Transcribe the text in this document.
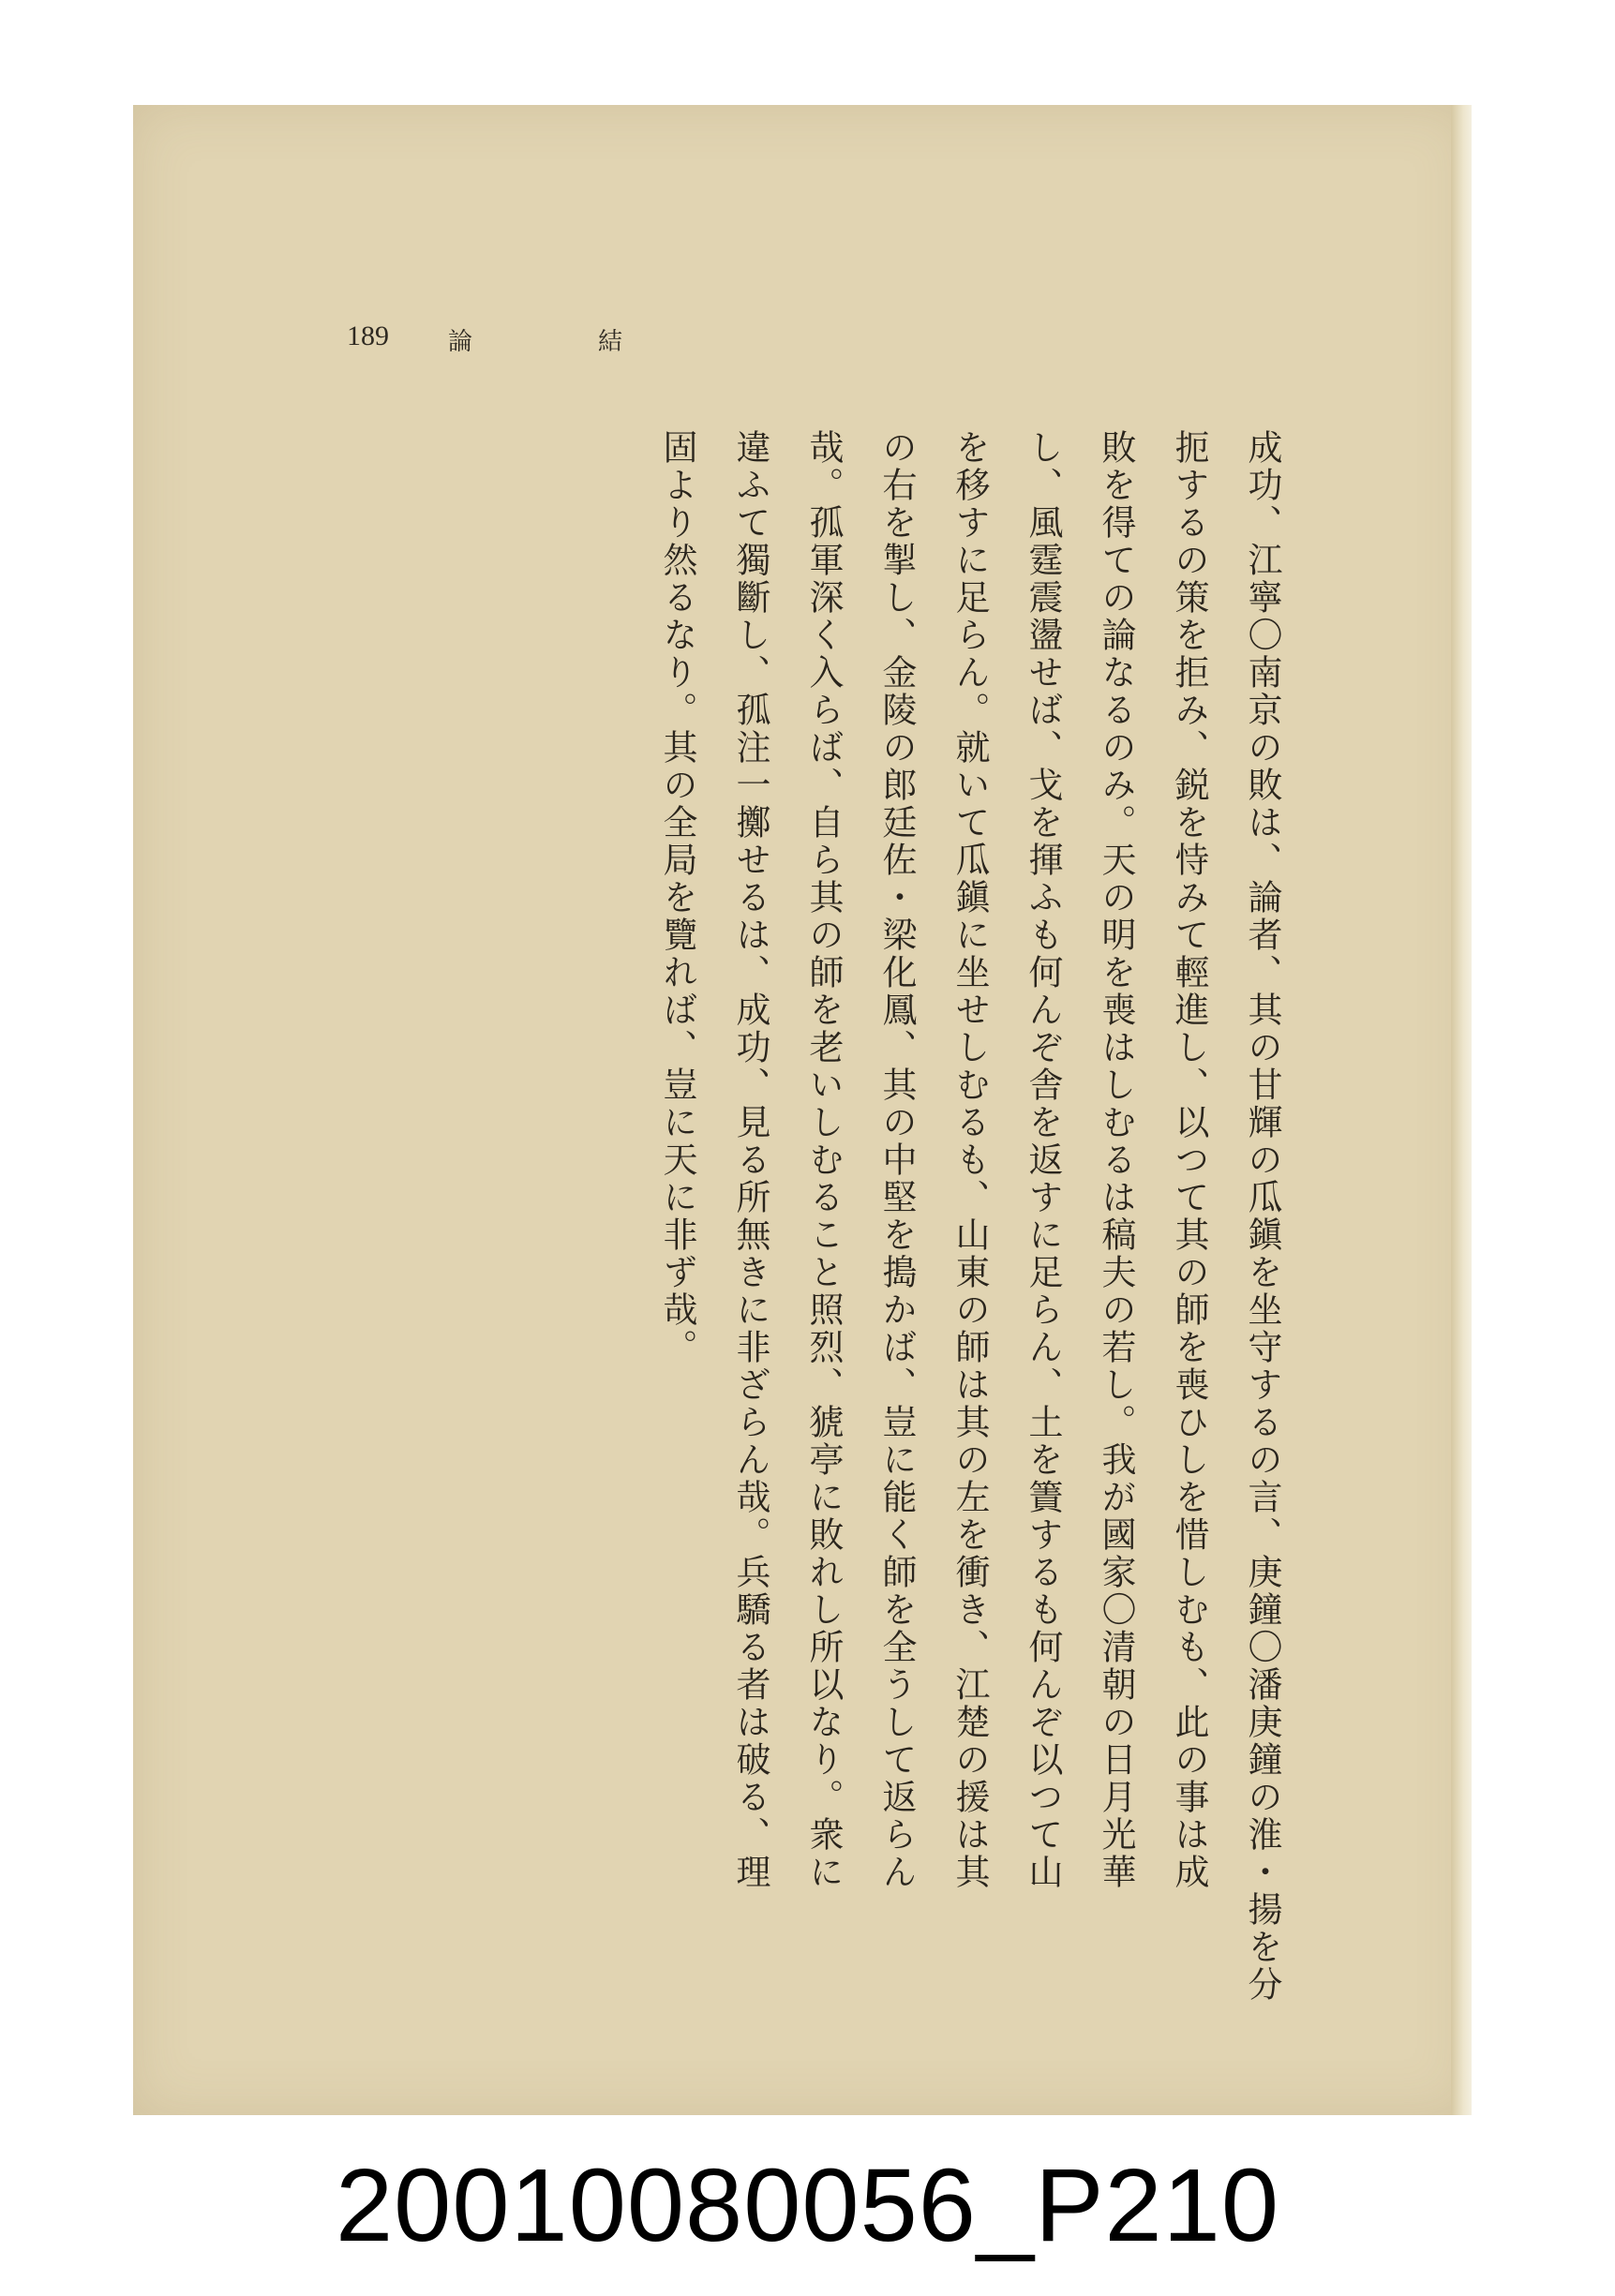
189 論	結
成功、江寧〇南京の敗は、論者、其の甘輝の瓜鎭を坐守するの言、庚鐘〇潘庚鐘の淮・揚を分
扼するの策を拒み、鋭を恃みて輕進し、以つて其の師を喪ひしを惜しむも、此の事は成
敗を得ての論なるのみ。天の明を喪はしむるは稿夫の若し。我が國家〇清朝の日月光華
し、風霆震盪せば、戈を揮ふも何んぞ舎を返すに足らん、土を簀するも何んぞ以つて山
を移すに足らん。就いて瓜鎭に坐せしむるも、山東の師は其の左を衝き、江楚の援は其
の右を掣し、金陵の郎廷佐・梁化鳳、其の中堅を搗かば、豈に能く師を全うして返らん
哉。孤軍深く入らば、自ら其の師を老いしむること照烈、猇亭に敗れし所以なり。衆に
違ふて獨斷し、孤注一擲せるは、成功、見る所無きに非ざらん哉。兵驕る者は破る、理
固より然るなり。其の全局を覽れば、豈に天に非ず哉。
20010080056_P210
